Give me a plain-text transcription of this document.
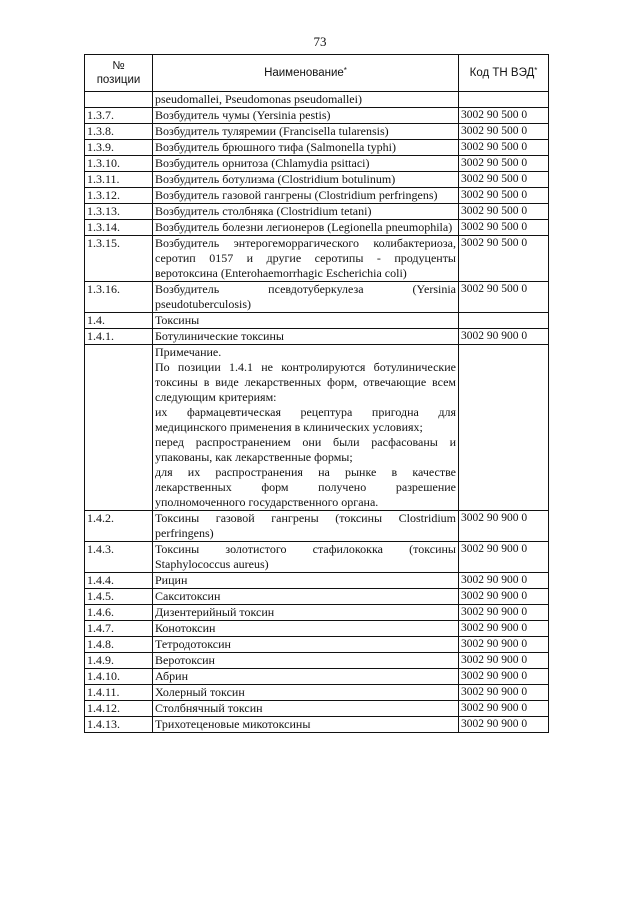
73
№
позиции	Наименование*	Код ТН ВЭД*
	pseudomallei, Pseudomonas pseudomallei)	
1.3.7.	Возбудитель чумы (Yersinia pestis)	3002 90 500 0
1.3.8.	Возбудитель туляремии (Francisella tularensis)	3002 90 500 0
1.3.9.	Возбудитель брюшного тифа (Salmonella typhi)	3002 90 500 0
1.3.10.	Возбудитель орнитоза (Chlamydia psittaci)	3002 90 500 0
1.3.11.	Возбудитель ботулизма (Clostridium botulinum)	3002 90 500 0
1.3.12.	Возбудитель газовой гангрены (Clostridium perfringens)	3002 90 500 0
1.3.13.	Возбудитель столбняка (Clostridium tetani)	3002 90 500 0
1.3.14.	Возбудитель болезни легионеров (Legionella pneumophila)	3002 90 500 0
1.3.15.	Возбудитель энтерогеморрагического колибактериоза, серотип 0157 и другие серотипы - продуценты веротоксина (Enterohaemorrhagic Escherichia coli)	3002 90 500 0
1.3.16.	Возбудитель псевдотуберкулеза (Yersinia pseudotuberculosis)	3002 90 500 0
1.4.	Токсины	
1.4.1.	Ботулинические токсины	3002 90 900 0

	Примечание.
По позиции 1.4.1 не контролируются ботулинические токсины в виде лекарственных форм, отвечающие всем следующим критериям:
их фармацевтическая рецептура пригодна для медицинского применения в клинических условиях;
перед распространением они были расфасованы и упакованы, как лекарственные формы;
для их распространения на рынке в качестве лекарственных форм получено разрешение уполномоченного государственного органа.	

1.4.2.	Токсины газовой гангрены (токсины Clostridium perfringens)	3002 90 900 0
1.4.3.	Токсины золотистого стафилококка (токсины Staphylococcus aureus)	3002 90 900 0
1.4.4.	Рицин	3002 90 900 0
1.4.5.	Сакситоксин	3002 90 900 0
1.4.6.	Дизентерийный токсин	3002 90 900 0
1.4.7.	Конотоксин	3002 90 900 0
1.4.8.	Тетродотоксин	3002 90 900 0
1.4.9.	Веротоксин	3002 90 900 0
1.4.10.	Абрин	3002 90 900 0
1.4.11.	Холерный токсин	3002 90 900 0
1.4.12.	Столбнячный токсин	3002 90 900 0
1.4.13.	Трихотеценовые микотоксины	3002 90 900 0
